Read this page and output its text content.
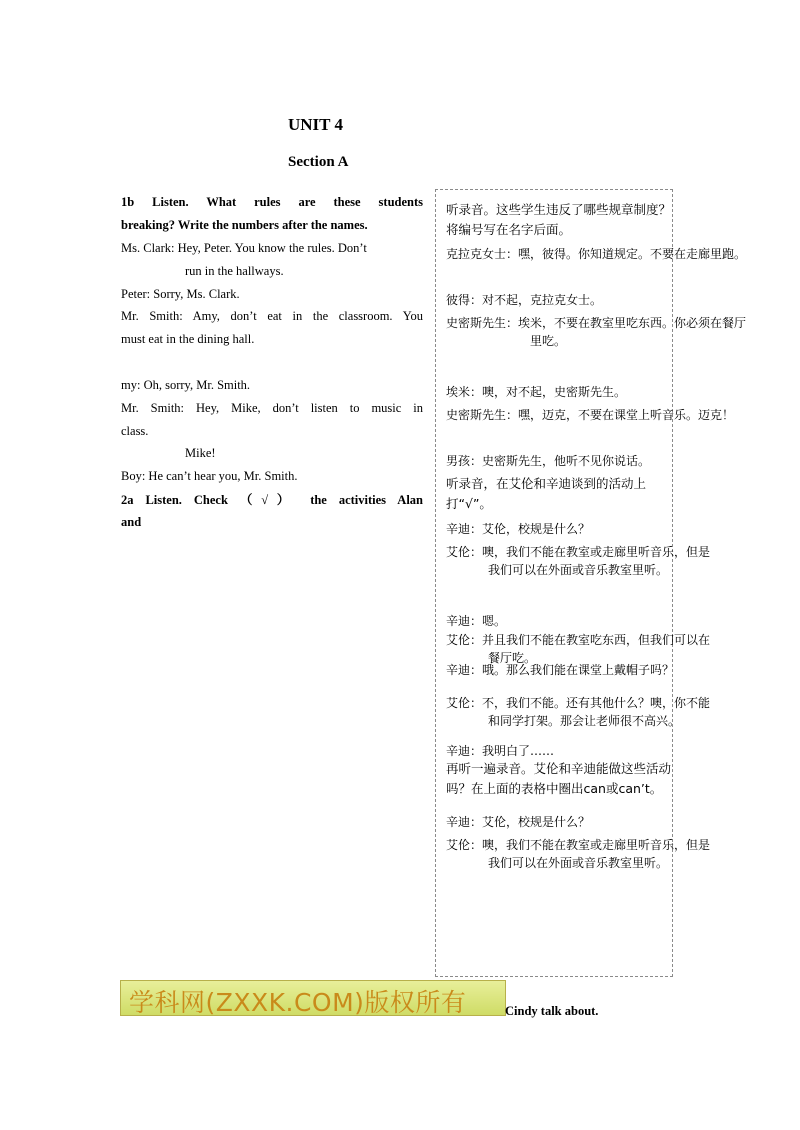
UNIT 4
Section A
1b Listen. What rules are these students
breaking? Write the numbers after the names.
Ms. Clark: Hey, Peter. You know the rules. Don’t
run in the hallways.
Peter: Sorry, Ms. Clark.
Mr. Smith: Amy, don’t eat in the classroom. You
must eat in the dining hall.
my: Oh, sorry, Mr. Smith.
Mr. Smith: Hey, Mike, don’t listen to music in
class.
Mike!
Boy: He can’t hear you, Mr. Smith.
2a Listen. Check （√） the activities Alan
and
听录音。这些学生违反了哪些规章制度？将编号写在名字后面。
克拉克女士：嘿，彼得。你知道规定。不要在走廊里跑。
彼得：对不起，克拉克女士。
史密斯先生：埃米，不要在教室里吃东西。你必须在餐厅里吃。
埃米：噢，对不起，史密斯先生。
史密斯先生：嘿，迈克，不要在课堂上听音乐。迈克！
男孩：史密斯先生，他听不见你说话。
听录音，在艾伦和辛迪谈到的活动上打“√”。
辛迪：艾伦，校规是什么？
艾伦：噢，我们不能在教室或走廊里听音乐，但是我们可以在外面或音乐教室里听。
辛迪：嗯。
艾伦：并且我们不能在教室吃东西，但我们可以在餐厅吃。
辛迪：哦。那么我们能在课堂上戴帽子吗？
艾伦：不，我们不能。还有其他什么？噢，你不能和同学打架。那会让老师很不高兴。
辛迪：我明白了……
再听一遍录音。艾伦和辛迪能做这些活动吗？在上面的表格中圈出can或can’t。
辛迪：艾伦，校规是什么？
艾伦：噢，我们不能在教室或走廊里听音乐，但是我们可以在外面或音乐教室里听。
学科网(ZXXK.COM)版权所有	Cindy talk about.
